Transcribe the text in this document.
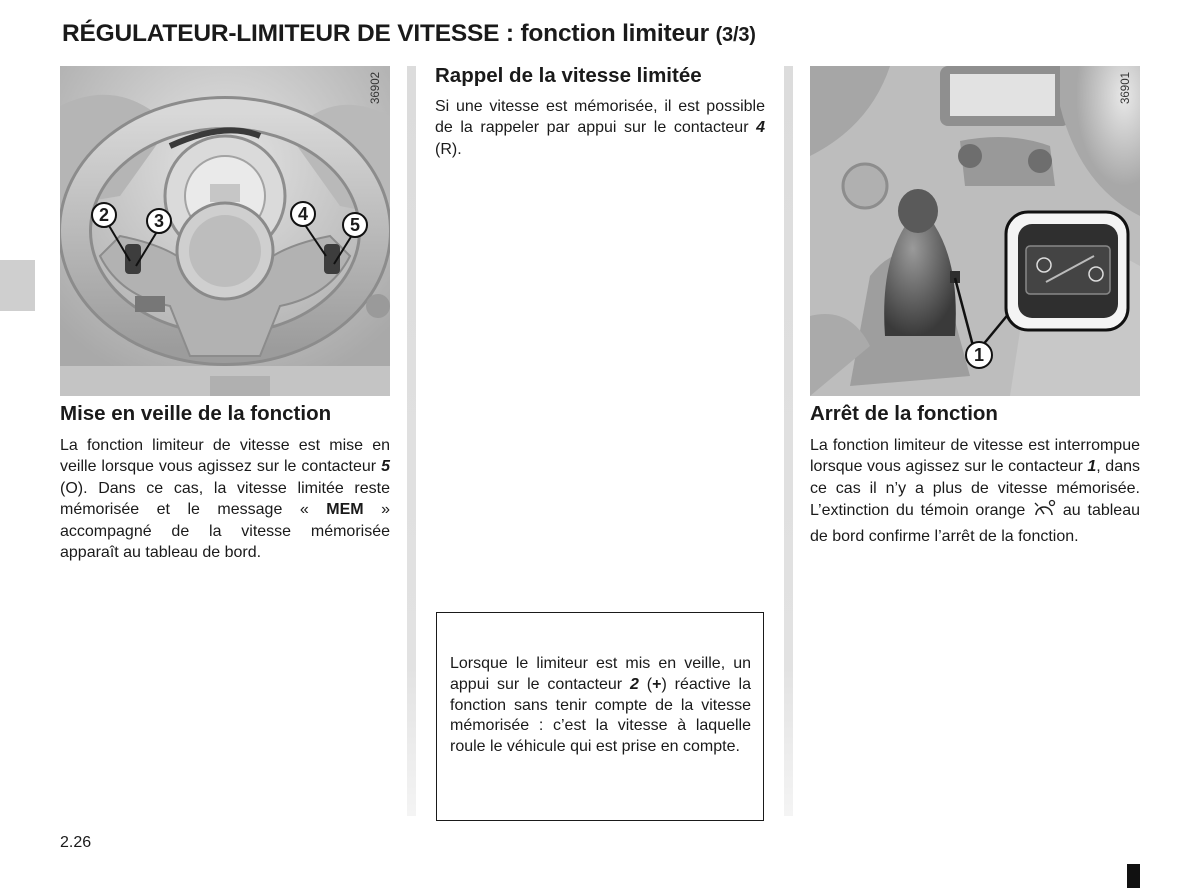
RÉGULATEUR-LIMITEUR DE VITESSE : fonction limiteur (3/3)
2	3	4
5
36902
Mise en veille de la fonction
La fonction limiteur de vitesse est mise en veille lorsque vous agissez sur le contacteur 5 (O). Dans ce cas, la vitesse limitée reste mémorisée et le message « MEM » accompagné de la vitesse mémorisée apparaît au tableau de bord.
Rappel de la vitesse limitée
Si une vitesse est mémorisée, il est possible de la rappeler par appui sur le contacteur 4 (R).
Lorsque le limiteur est mis en veille, un appui sur le contacteur 2 (+) réactive la fonction sans tenir compte de la vitesse mémorisée : c’est la vitesse à laquelle roule le véhicule qui est prise en compte.
1
36901
Arrêt de la fonction
La fonction limiteur de vitesse est interrompue lorsque vous agissez sur le contacteur 1, dans ce cas il n’y a plus de vitesse mémorisée. L’extinction du témoin orange  au tableau de bord confirme l’arrêt de la fonction.
2.26
